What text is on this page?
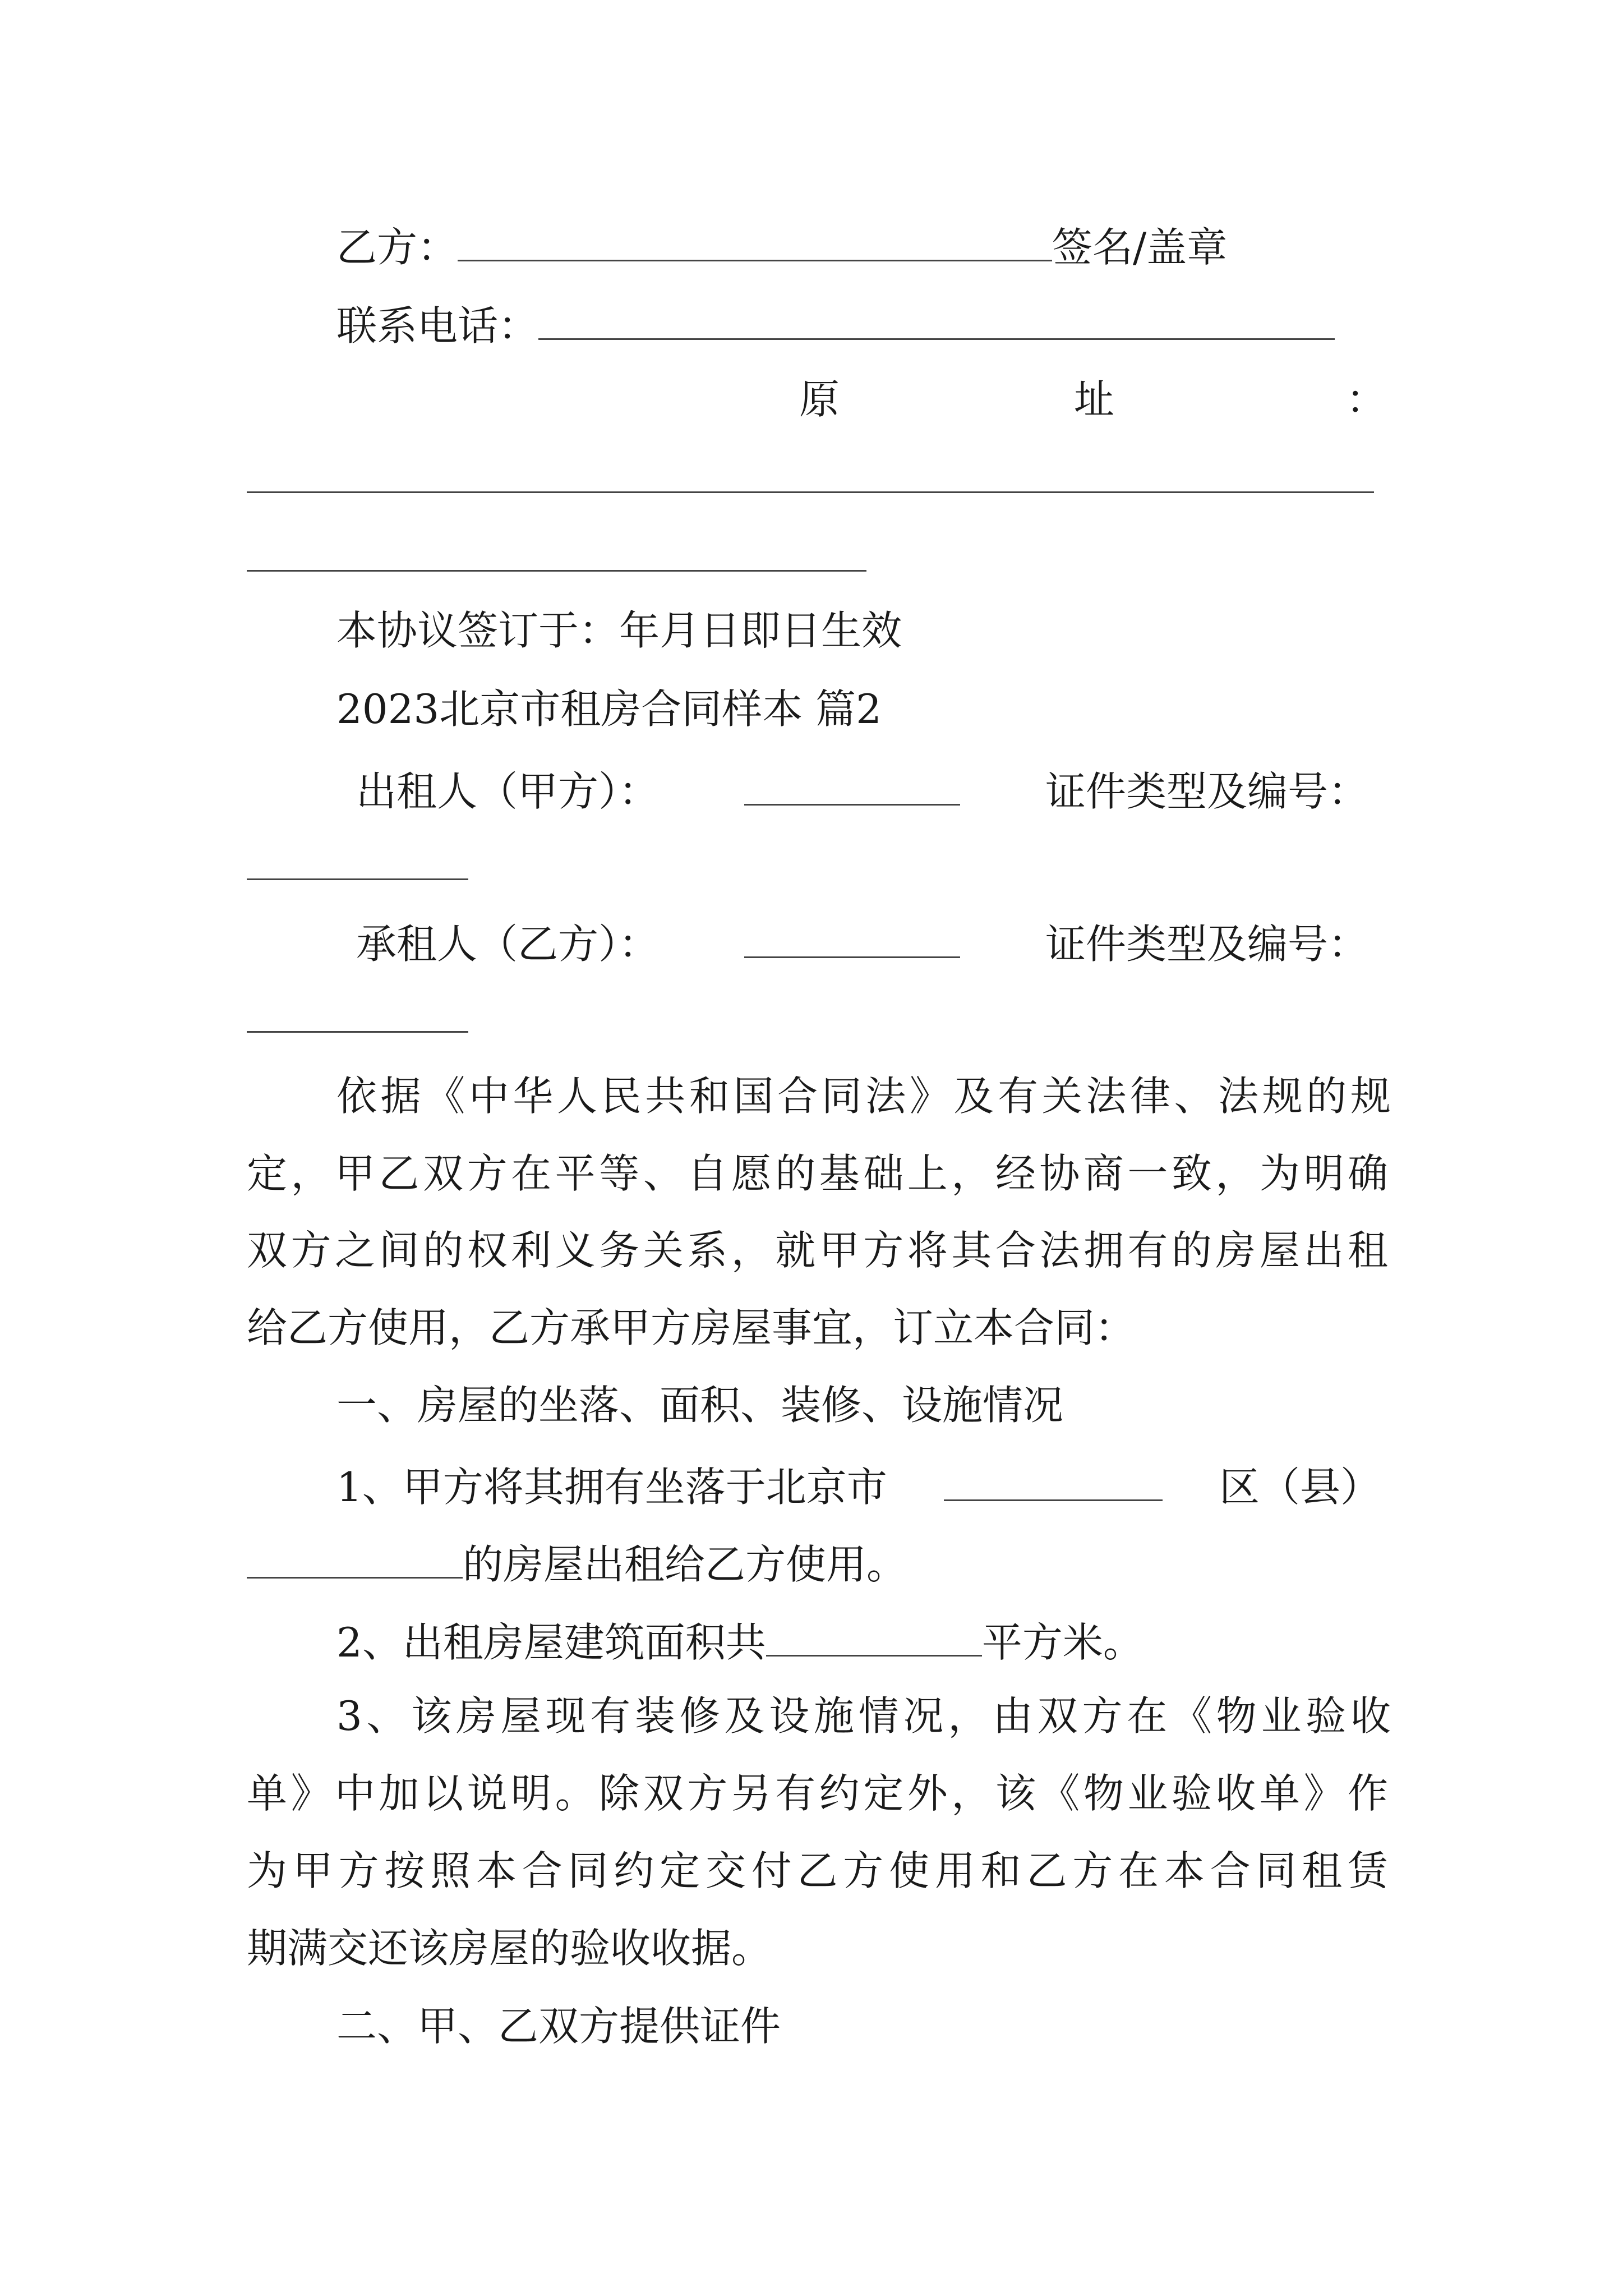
乙方：	签名/盖章
联系电话：
原	址	：
本协议签订于：年月日即日生效
2023北京市租房合同样本 篇2
出租人（甲方）：	证件类型及编号：
承租人（乙方）：	证件类型及编号：
依据《中华人民共和国合同法》及有关法律、法规的规
定，甲乙双方在平等、自愿的基础上，经协商一致，为明确
双方之间的权利义务关系，就甲方将其合法拥有的房屋出租
给乙方使用，乙方承甲方房屋事宜，订立本合同：
一、房屋的坐落、面积、装修、设施情况
1、甲方将其拥有坐落于北京市	区（县）
的房屋出租给乙方使用。
2、出租房屋建筑面积共	平方米。
3、该房屋现有装修及设施情况，由双方在《物业验收
单》中加以说明。除双方另有约定外，该《物业验收单》作
为甲方按照本合同约定交付乙方使用和乙方在本合同租赁
期满交还该房屋的验收收据。
二、甲、乙双方提供证件
